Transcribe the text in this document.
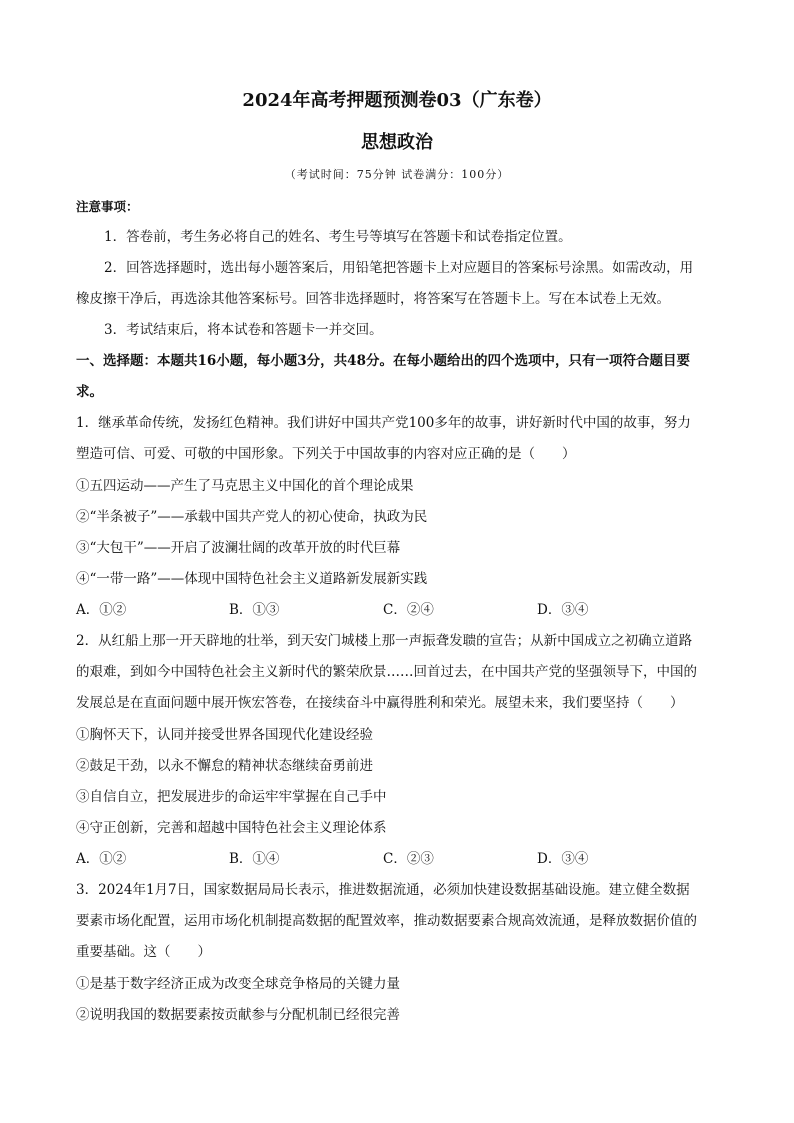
2024年高考押题预测卷03（广东卷）
思想政治
（考试时间：75分钟 试卷满分：100分）
注意事项：
1．答卷前，考生务必将自己的姓名、考生号等填写在答题卡和试卷指定位置。
2．回答选择题时，选出每小题答案后，用铅笔把答题卡上对应题目的答案标号涂黑。如需改动，用
橡皮擦干净后，再选涂其他答案标号。回答非选择题时，将答案写在答题卡上。写在本试卷上无效。
3．考试结束后，将本试卷和答题卡一并交回。
一、选择题：本题共16小题，每小题3分，共48分。在每小题给出的四个选项中，只有一项符合题目要
求。
1．继承革命传统，发扬红色精神。我们讲好中国共产党100多年的故事，讲好新时代中国的故事，努力
塑造可信、可爱、可敬的中国形象。下列关于中国故事的内容对应正确的是（　　）
①五四运动——产生了马克思主义中国化的首个理论成果
②“半条被子”——承载中国共产党人的初心使命，执政为民
③“大包干”——开启了波澜壮阔的改革开放的时代巨幕
④“一带一路”——体现中国特色社会主义道路新发展新实践
A．①②	B．①③	C．②④	D．③④
2．从红船上那一开天辟地的壮举，到天安门城楼上那一声振聋发聩的宣告；从新中国成立之初确立道路
的艰难，到如今中国特色社会主义新时代的繁荣欣景……回首过去，在中国共产党的坚强领导下，中国的
发展总是在直面问题中展开恢宏答卷，在接续奋斗中赢得胜利和荣光。展望未来，我们要坚持（　　）
①胸怀天下，认同并接受世界各国现代化建设经验
②鼓足干劲，以永不懈怠的精神状态继续奋勇前进
③自信自立，把发展进步的命运牢牢掌握在自己手中
④守正创新，完善和超越中国特色社会主义理论体系
A．①②	B．①④	C．②③	D．③④
3．2024年1月7日，国家数据局局长表示，推进数据流通，必须加快建设数据基础设施。建立健全数据
要素市场化配置，运用市场化机制提高数据的配置效率，推动数据要素合规高效流通，是释放数据价值的
重要基础。这（　　）
①是基于数字经济正成为改变全球竞争格局的关键力量
②说明我国的数据要素按贡献参与分配机制已经很完善
